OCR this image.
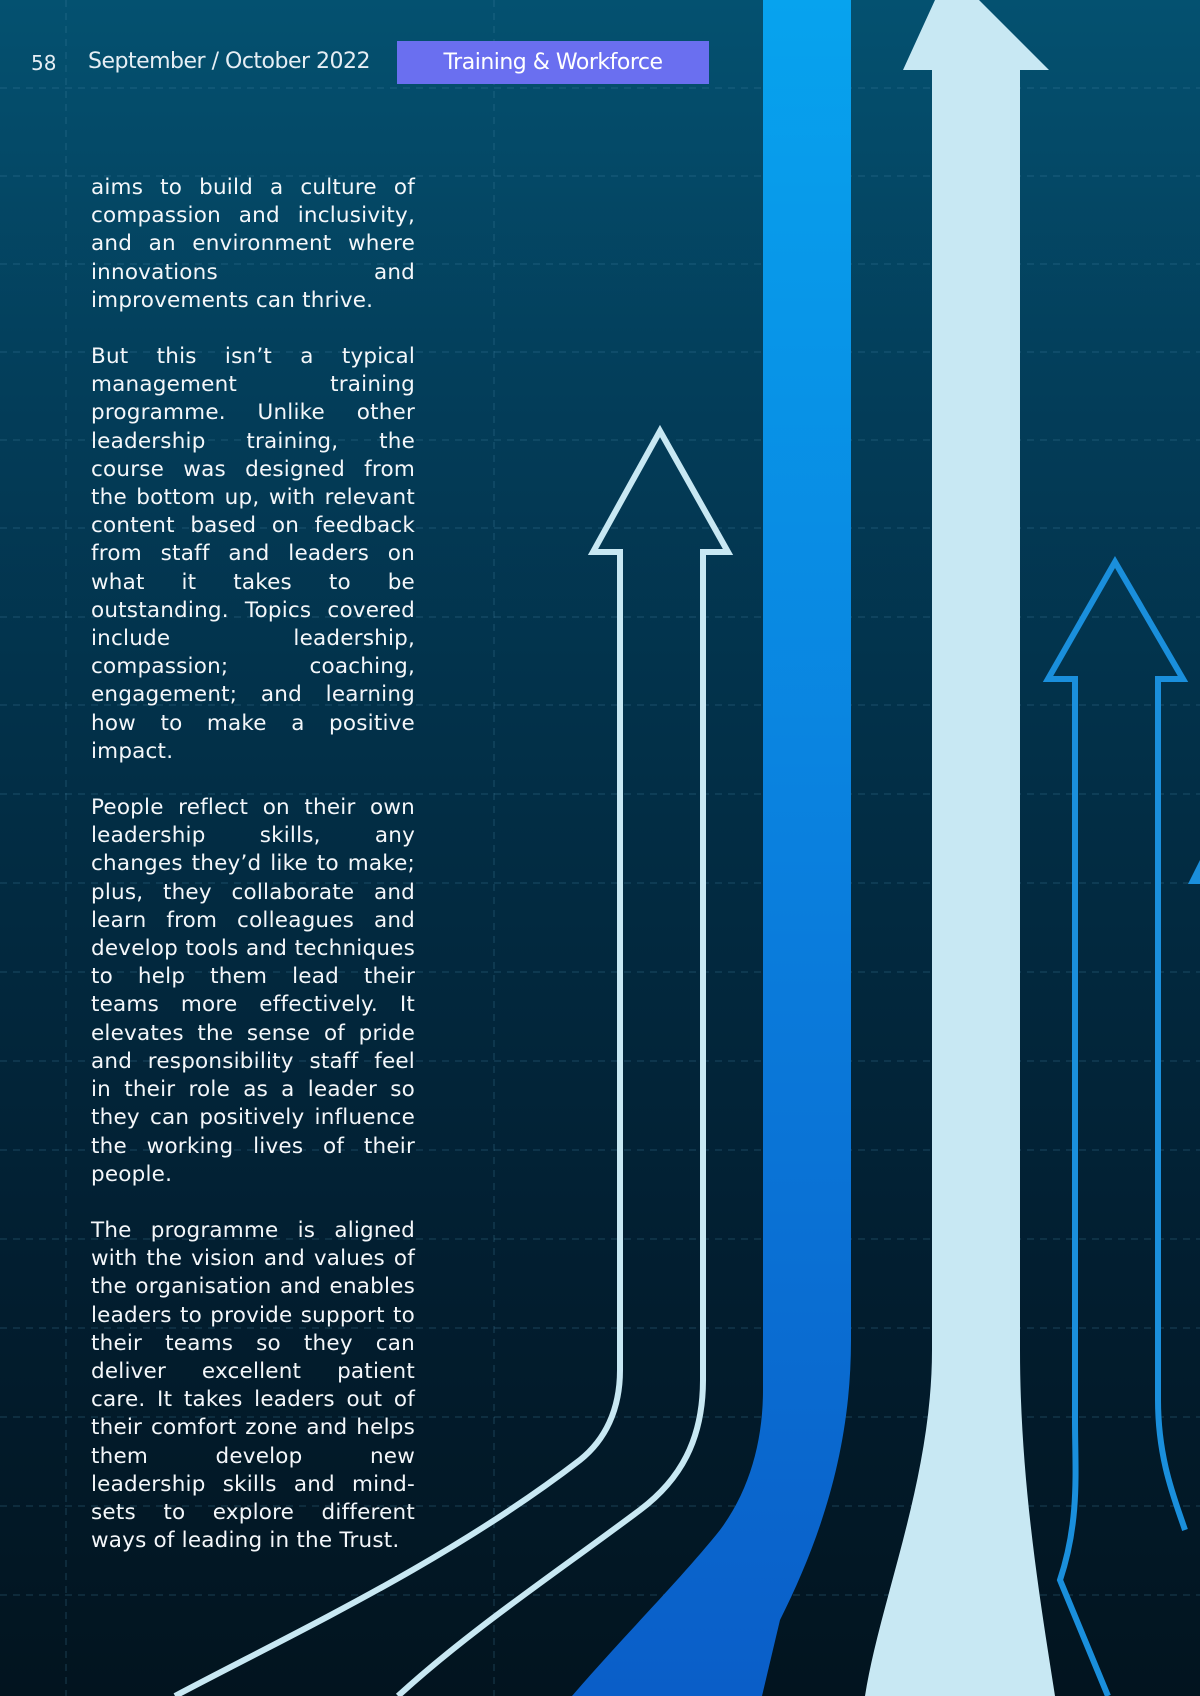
58 September / October 2022	Training & Workforce

aims to build a culture of compassion and inclusivity, and an environment where innovations and improvements can thrive.

But this isn’t a typical management training programme. Unlike other leadership training, the course was designed from the bottom up, with relevant content based on feedback from staff and leaders on what it takes to be outstanding. Topics covered include leadership, compassion; coaching, engagement; and learning how to make a positive impact.

People reflect on their own leadership skills, any changes they’d like to make; plus, they collaborate and learn from colleagues and develop tools and techniques to help them lead their teams more effectively. It elevates the sense of pride and responsibility staff feel in their role as a leader so they can positively influence the working lives of their people.

The programme is aligned with the vision and values of the organisation and enables leaders to provide support to their teams so they can deliver excellent patient care. It takes leaders out of their comfort zone and helps them develop new leadership skills and mind-sets to explore different ways of leading in the Trust.
